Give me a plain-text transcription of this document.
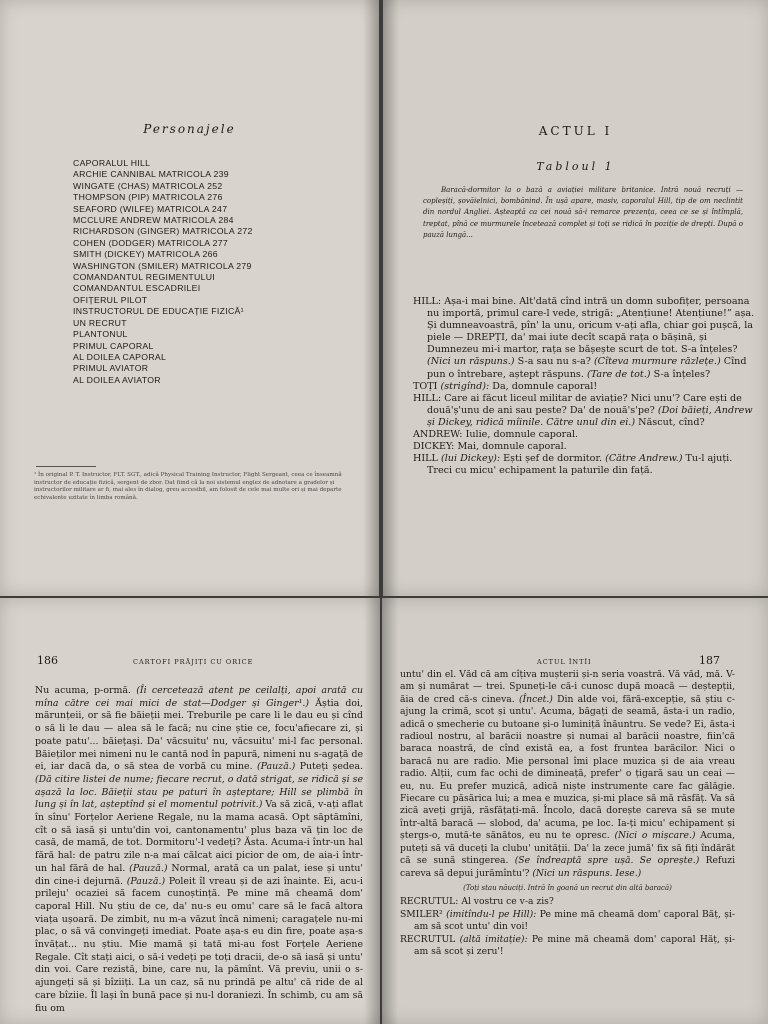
Personajele
CAPORALUL HILL
ARCHIE CANNIBAL MATRICOLA 239
WINGATE (CHAS) MATRICOLA 252
THOMPSON (PIP) MATRICOLA 276
SEAFORD (WILFE) MATRICOLA 247
MCCLURE ANDREW MATRICOLA 284
RICHARDSON (GINGER) MATRICOLA 272
COHEN (DODGER) MATRICOLA 277
SMITH (DICKEY) MATRICOLA 266
WASHINGTON (SMILER) MATRICOLA 279
COMANDANTUL REGIMENTULUI
COMANDANTUL ESCADRILEI
OFIȚERUL PILOT
INSTRUCTORUL DE EDUCAȚIE FIZICĂ¹
UN RECRUT
PLANTONUL
PRIMUL CAPORAL
AL DOILEA CAPORAL
PRIMUL AVIATOR
AL DOILEA AVIATOR

¹ În original P. T. Instructor, FLT. SGT., adică Physical Training Instructor, Flight Sergeant, ceea ce înseamnă instructor de educație fizică, sergent de zbor. Dat fiind că la noi sistemul englez de adnotare a gradelor și instructorilor militare ar fi, mai ales în dialog, greu accesibil, am folosit de cele mai multe ori și mai departe echivalente uzitate în limba română.

ACTUL I
Tabloul 1

Baracă-dormitor la o bază a aviației militare britanice. Intră nouă recruți — copleșiți, șovăielnici, bombănind. În ușă apare, masiv, caporalul Hill, tip de om neclintit din nordul Angliei. Așteaptă ca cei nouă să-i remarce prezența, ceea ce se și întîmplă, treptat, pînă ce murmurele încetează complet și toți se ridică în poziție de drepți. După o pauză lungă...

HILL: Așa-i mai bine. Alt'dată cînd intră un domn subofițer, persoana nu importă, primul care-l vede, strigă: „Atențiune! Atențiune!” așa. Și dumneavoastră, pîn' la unu, oricum v-ați afla, chiar goi pușcă, la piele — DREPȚI, da' mai iute decît scapă rața o bășină, și Dumnezeu mi-i martor, rața se bășește scurt de tot. S-a înțeles? (Nici un răspuns.) S-a sau nu s-a? (Cîteva murmure răzlețe.) Cînd pun o întrebare, aștept răspuns. (Tare de tot.) S-a înțeles?

TOȚI (strigînd): Da, domnule caporal!

HILL: Care ai făcut liceul militar de aviație? Nici unu'? Care ești de două'ș'unu de ani sau peste? Da' de nouă's'pe? (Doi băieți, Andrew și Dickey, ridică mîinile. Către unul din ei.) Născut, cînd?

ANDREW: Iulie, domnule caporal.

DICKEY: Mai, domnule caporal.

HILL (lui Dickey): Ești șef de dormitor. (Către Andrew.) Tu-l ajuți. Treci cu micu' echipament la paturile din față.

186	CARTOFI PRĂJIȚI CU ORICE

Nu acuma, p-ormă. (Îi cercetează atent pe ceilalți, apoi arată cu mîna către cei mai mici de stat—Dodger și Ginger¹.) Ăștia doi, mărunțeii, or să fie băieții mei. Treburile pe care li le dau eu și cînd o să li le dau — alea să le facă; nu cine știe ce, focu'afiecare zi, și poate patu'... băiețași. Da' văcsuitu' nu, văcsuitu' mi-l fac personal. Băieților mei nimeni nu le cantă nod în papură, nimeni nu s-agață de ei, iar dacă da, o să stea de vorbă cu mine. (Pauză.) Puteți ședea. (Dă citire listei de nume; fiecare recrut, o dată strigat, se ridică și se așază la loc. Băieții stau pe paturi în așteptare; Hill se plimbă în lung și în lat, așteptînd și el momentul potrivit.) Va să zică, v-ați aflat în sînu' Forțelor Aeriene Regale, nu la mama acasă. Opt săptămîni, cît o să iasă și untu'din voi, cantonamentu' plus baza vă țin loc de casă, de mamă, de tot. Dormitoru'-l vedeți? Ăsta. Acuma-i într-un hal fără hal: de patru zile n-a mai călcat aici picior de om, de aia-i într-un hal fără de hal. (Pauză.) Normal, arată ca un palat, iese și untu' din cine-i dejurnă. (Pauză.) Poleit îl vreau și de azi înainte. Ei, acu-i prileju' ocaziei să facem cunoștință. Pe mine mă cheamă dom' caporal Hill. Nu știu de ce, da' nu-s eu omu' care să le facă altora viața ușoară. De zimbit, nu m-a văzut încă nimeni; caragațele nu-mi plac, o să vă convingeți imediat. Poate așa-s eu din fire, poate așa-s învățat... nu știu. Mie mamă și tată mi-au fost Forțele Aeriene Regale. Cît stați aici, o să-i vedeți pe toți dracii, de-o să iasă și untu' din voi. Care rezistă, bine, care nu, la pămînt. Vă previu, unii o s-ajungeți să și bîziiți. La un caz, să nu prindă pe altu' că ride de al care bîziie. Îl lași în bună pace și nu-l doraniezi. În schimb, cu am să fiu om

ACTUL ÎNTÎI	187

untu' din el. Văd că am cîțiva mușterii și-n seria voastră. Vă văd, mă. V-am și numărat — trei. Spuneți-le că-i cunosc după moacă — deștepții, ăia de cred că-s cineva. (Încet.) Din alde voi, fără-excepție, să știu c-ajung la crimă, scot și untu'. Acuma, băgați de seamă, ăsta-i un radio, adică o șmecherie cu butoane și-o luminiță înăuntru. Se vede? Ei, ăsta-i radioul nostru, al barăcii noastre și numai al barăcii noastre, fiin'că baraca noastră, de cînd există ea, a fost fruntea barăcilor. Nici o baracă nu are radio. Mie personal îmi place muzica și de aia vreau radio. Alții, cum fac ochi de dimineață, prefer' o țigară sau un ceai — eu, nu. Eu prefer muzică, adică niște instrumente care fac gălăgie. Fiecare cu păsărica lui; a mea e muzica, și-mi place să mă răsfăț. Va să zică aveți grijă, răsfățați-mă. Încolo, dacă dorește careva să se mute într-altă baracă — slobod, da' acuma, pe loc. Ia-ți micu' echipament și ștergs-o, mută-te sănătos, eu nu te opresc. (Nici o mișcare.) Acuma, puteți să vă duceți la clubu' unității. Da' la zece jumă' fix să fiți îndărăt că se sună stingerea. (Se îndreaptă spre ușă. Se oprește.) Refuzi careva să depui jurămîntu'? (Nici un răspuns. Iese.)

(Toți stau năuciți. Intră în goană un recrut din altă baracă)

RECRUTUL: Al vostru ce v-a zis?

SMILER² (imitîndu-l pe Hill): Pe mine mă cheamă dom' caporal Băț, și-am să scot untu' din voi!

RECRUTUL (altă imitație): Pe mine mă cheamă dom' caporal Hăț, și-am să scot și zeru'!
